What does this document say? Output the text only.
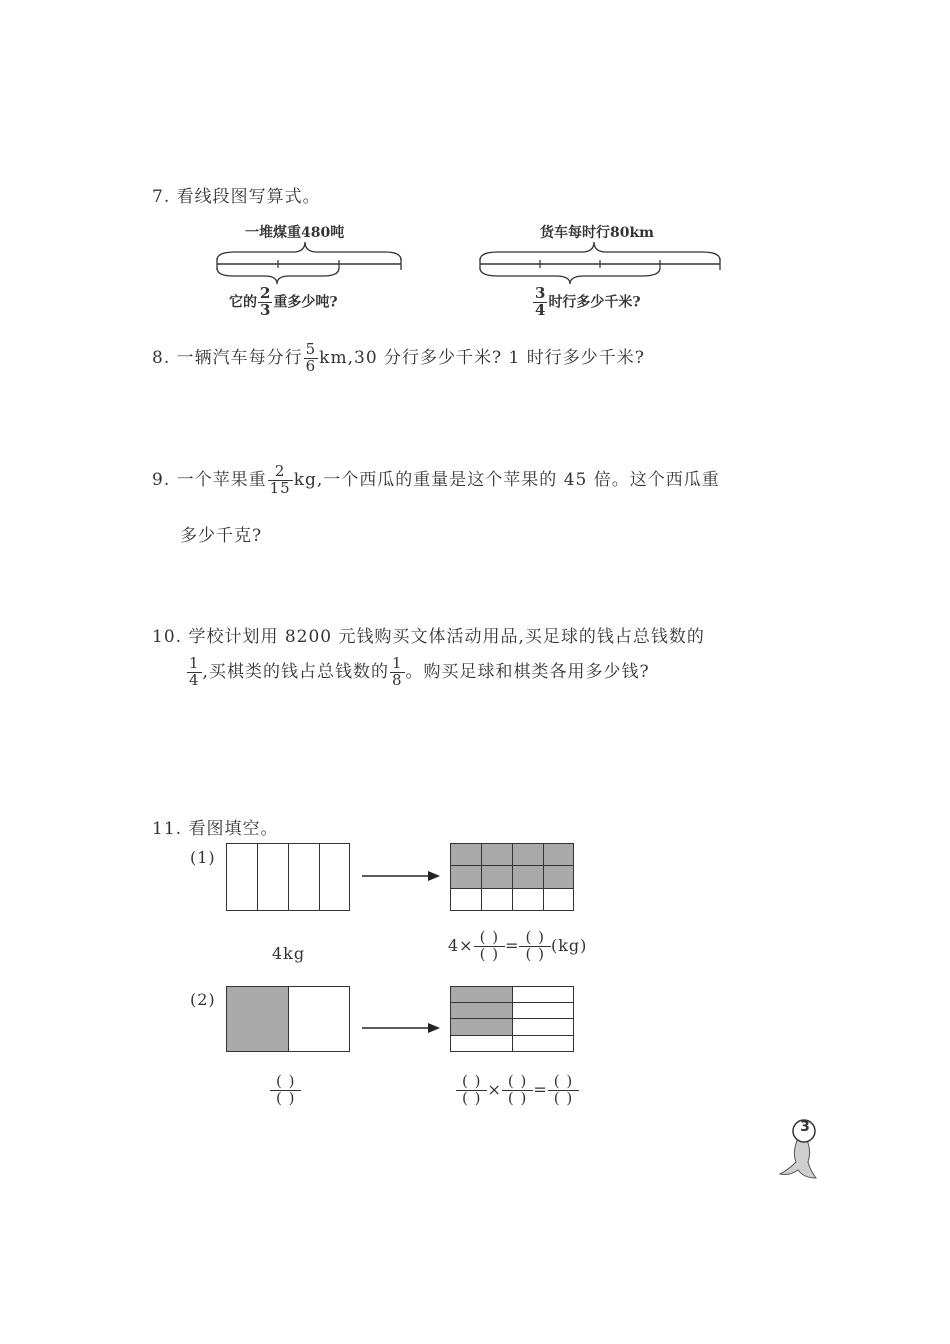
7. 看线段图写算式。
一堆煤重480吨
它的 $\frac{2}{3}$ 重多少吨?
货车每时行80km
$\frac{3}{4}$ 时行多少千米?
8. 一辆汽车每分行 $\frac{5}{6} km,30$ 分行多少千米? 1 时行多少千米?
9. 一个苹果重 $\frac{2}{15}$ kg,一个西瓜的重量是这个苹果的 45 倍。这个西瓜重
多少千克?
10. 学校计划用 8200 元钱购买文体活动用品,买足球的钱占总钱数的
$\frac{1}{4}$ ,买棋类的钱占总钱数的 $\frac{1}{8}$ 。购买足球和棋类各用多少钱?
11. 看图填空。
(1)
4kg	4× ( )
( ) = ( )
( ) (kg)
(2)
( )
( )
( )
( ) × ( )
( ) = ( )
( )
3
